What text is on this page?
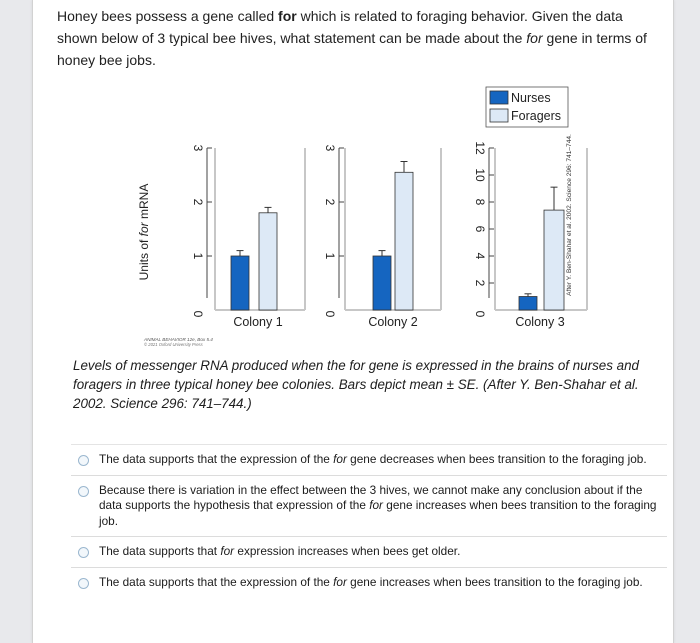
Honey bees possess a gene called for which is related to foraging behavior. Given the data shown below of 3 typical bee hives, what statement can be made about the for gene in terms of honey bee jobs.
Units of for mRNA
Nurses
Foragers
After Y. Ben-Shahar et al. 2002. Science 296: 741–744.
ANIMAL BEHAVIOR 12e, Box 5.4
© 2021 Oxford University Press
0
1
2
3
Colony 1
0
1
2
3
Colony 2
0
2
4
6
8
10
12
Colony 3
Levels of messenger RNA produced when the for gene is expressed in the brains of nurses and foragers in three typical honey bee colonies. Bars depict mean ± SE. (After Y. Ben-Shahar et al. 2002. Science 296: 741–744.)
The data supports that the expression of the for gene decreases when bees transition to the foraging job.
Because there is variation in the effect between the 3 hives, we cannot make any conclusion about if the data supports the hypothesis that expression of the for gene increases when bees transition to the foraging job.
The data supports that for expression increases when bees get older.
The data supports that the expression of the for gene increases when bees transition to the foraging job.
